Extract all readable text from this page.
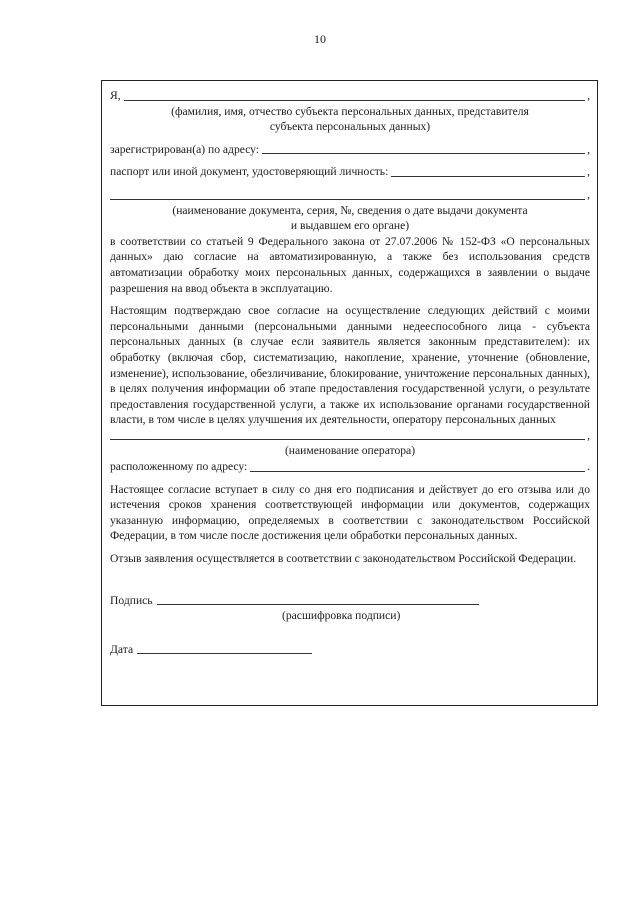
10
Я,	,
(фамилия, имя, отчество субъекта персональных данных, представителя
субъекта персональных данных)
зарегистрирован(а) по адресу:	,
паспорт или иной документ, удостоверяющий личность:	,
,
(наименование документа, серия, №, сведения о дате выдачи документа
и выдавшем его органе)
в соответствии со статьей 9 Федерального закона от 27.07.2006 № 152-ФЗ «О персональных данных» даю согласие на автоматизированную, а также без использования средств автоматизации обработку моих персональных данных, содержащихся в заявлении о выдаче разрешения на ввод объекта в эксплуатацию.
Настоящим подтверждаю свое согласие на осуществление следующих действий с моими персональными данными (персональными данными недееспособного лица - субъекта персональных данных (в случае если заявитель является законным представителем): их обработку (включая сбор, систематизацию, накопление, хранение, уточнение (обновление, изменение), использование, обезличивание, блокирование, уничтожение персональных данных), в целях получения информации об этапе предоставления государственной услуги, о результате предоставления государственной услуги, а также их использование органами государственной власти, в том числе в целях улучшения их деятельности, оператору персональных данных
,
(наименование оператора)
расположенному по адресу:	.
Настоящее согласие вступает в силу со дня его подписания и действует до его отзыва или до истечения сроков хранения соответствующей информации или документов, содержащих указанную информацию, определяемых в соответствии с законодательством Российской Федерации, в том числе после достижения цели обработки персональных данных.
Отзыв заявления осуществляется в соответствии с законодательством Российской Федерации.
Подпись
(расшифровка подписи)
Дата
